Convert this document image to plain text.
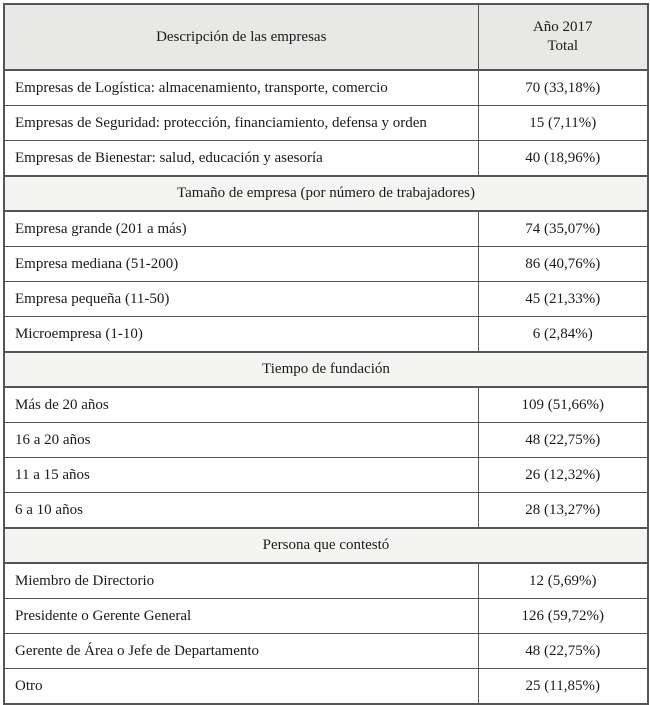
Descripción de las empresas	Año 2017
Total

Empresas de Logística: almacenamiento, transporte, comercio	70 (33,18%)
Empresas de Seguridad: protección, financiamiento, defensa y orden	15 (7,11%)
Empresas de Bienestar: salud, educación y asesoría	40 (18,96%)
Tamaño de empresa (por número de trabajadores)	
Empresa grande (201 a más)	74 (35,07%)
Empresa mediana (51-200)	86 (40,76%)
Empresa pequeña (11-50)	45 (21,33%)
Microempresa (1-10)	6 (2,84%)
Tiempo de fundación	
Más de 20 años	109 (51,66%)
16 a 20 años	48 (22,75%)
11 a 15 años	26 (12,32%)
6 a 10 años	28 (13,27%)
Persona que contestó	
Miembro de Directorio	12 (5,69%)
Presidente o Gerente General	126 (59,72%)
Gerente de Área o Jefe de Departamento	48 (22,75%)
Otro	25 (11,85%)
